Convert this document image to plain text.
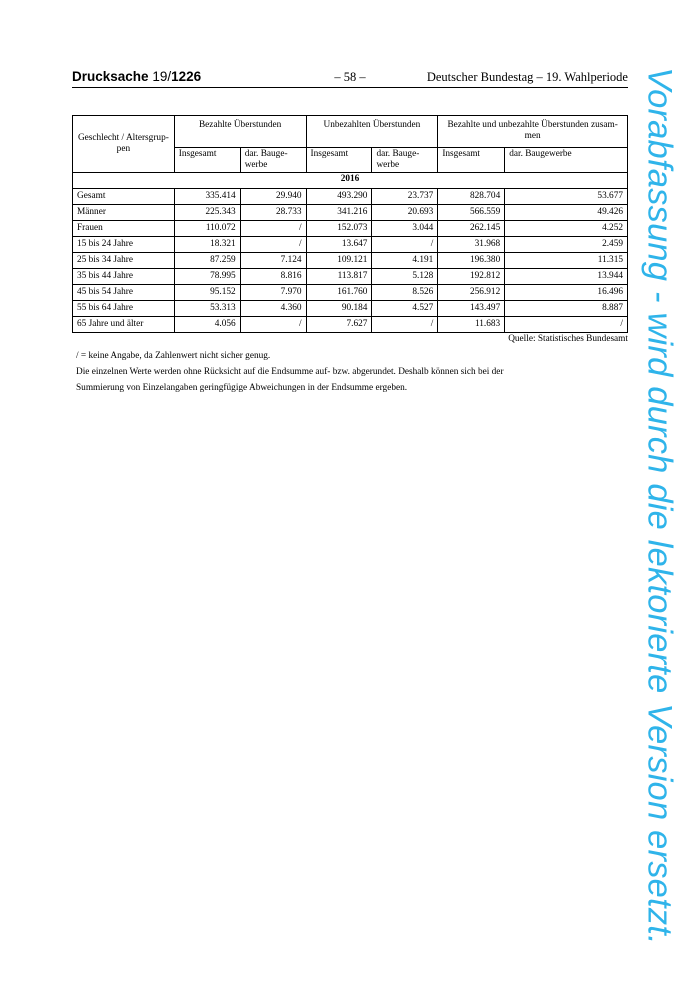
Drucksache 19/1226	– 58 –	Deutscher Bundestag – 19. Wahlperiode
Geschlecht / Altersgrup-pen	Bezahlte Überstunden		Unbezahlten Überstunden		Bezahlte und unbezahlte Überstunden zusam-men	
	Insgesamt	dar. Bauge-werbe	Insgesamt	dar. Bauge-werbe	Insgesamt	dar. Baugewerbe
2016						
Gesamt	335.414	29.940	493.290	23.737	828.704	53.677
Männer	225.343	28.733	341.216	20.693	566.559	49.426
Frauen	110.072	/	152.073	3.044	262.145	4.252
15 bis 24 Jahre	18.321	/	13.647	/	31.968	2.459
25 bis 34 Jahre	87.259	7.124	109.121	4.191	196.380	11.315
35 bis 44 Jahre	78.995	8.816	113.817	5.128	192.812	13.944
45 bis 54 Jahre	95.152	7.970	161.760	8.526	256.912	16.496
55 bis 64 Jahre	53.313	4.360	90.184	4.527	143.497	8.887
65 Jahre und älter	4.056	/	7.627	/	11.683	/
Quelle: Statistisches Bundesamt

/ = keine Angabe, da Zahlenwert nicht sicher genug.

Die einzelnen Werte werden ohne Rücksicht auf die Endsumme auf- bzw. abgerundet. Deshalb können sich bei der

Summierung von Einzelangaben geringfügige Abweichungen in der Endsumme ergeben.	Vorabfassung - wird durch die lektorierte Version ersetzt.
